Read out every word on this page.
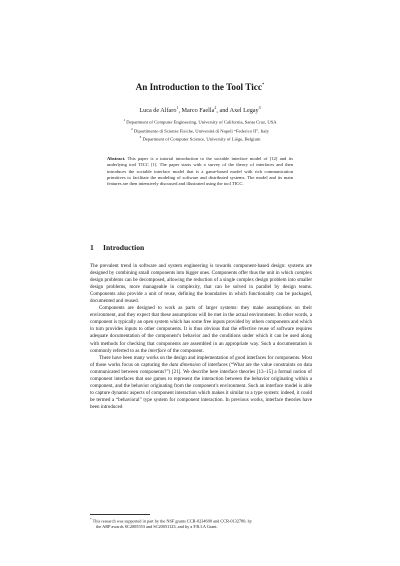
An Introduction to the Tool Ticc*
Luca de Alfaro$^1$, Marco Faella$^2$, and Axel Legay$^3$
$^1$ Department of Computer Engineering, University of California, Santa Cruz, USA
$^2$ Dipartimento di Scienze Fisiche, Università di Napoli “Federico II”, Italy
$^3$ Department of Computer Science, University of Liège, Belgium
Abstract. This paper is a tutorial introduction to the sociable interface model of [12] and its underlying tool TICC [1]. The paper starts with a survey of the theory of interfaces and then introduces the sociable interface model that is a game-based model with rich communication primitives to facilitate the modeling of software and distributed systems. The model and its main features are then intensively discussed and illustrated using the tool TICC.
1 Introduction

The prevalent trend in software and system engineering is towards component-based design: systems are designed by combining small components into bigger ones. Components offer thus the unit in which complex design problems can be decomposed, allowing the reduction of a single complex design problem into smaller design problems, more manageable in complexity, that can be solved in parallel by design teams. Components also provide a unit of reuse, defining the boundaries in which functionality can be packaged, documented and reused.

Components are designed to work as parts of larger systems: they make assumptions on their environment, and they expect that these assumptions will be met in the actual environment. In other words, a component is typically an open system which has some free inputs provided by others components and which in turn provides inputs to other components. It is thus obvious that the effective reuse of software requires adequate documentation of the component’s behavior and the conditions under which it can be used along with methods for checking that components are assembled in an appropriate way. Such a documentation is commonly referred to as the interface of the component.

There have been many works on the design and implementation of good interfaces for components. Most of those works focus on capturing the data dimension of interfaces (“What are the value constraints on data communicated between components?”) [21]. We describe here interface theories [13–15] a formal notion of component interfaces that use games to represent the interaction between the behavior originating within a component, and the behavior originating from the component’s environment. Such an interface model is able to capture dynamic aspects of component interaction which makes it similar to a type system: indeed, it could be termed a “behavioral” type system for component interaction. In previous works, interface theories have been introduced

* This research was supported in part by the NSF grants CCR-0234690 and CCR-0132780, by
the ARP awards SC2005553 and SC20051123, and by a F.R.I.A Grant.
